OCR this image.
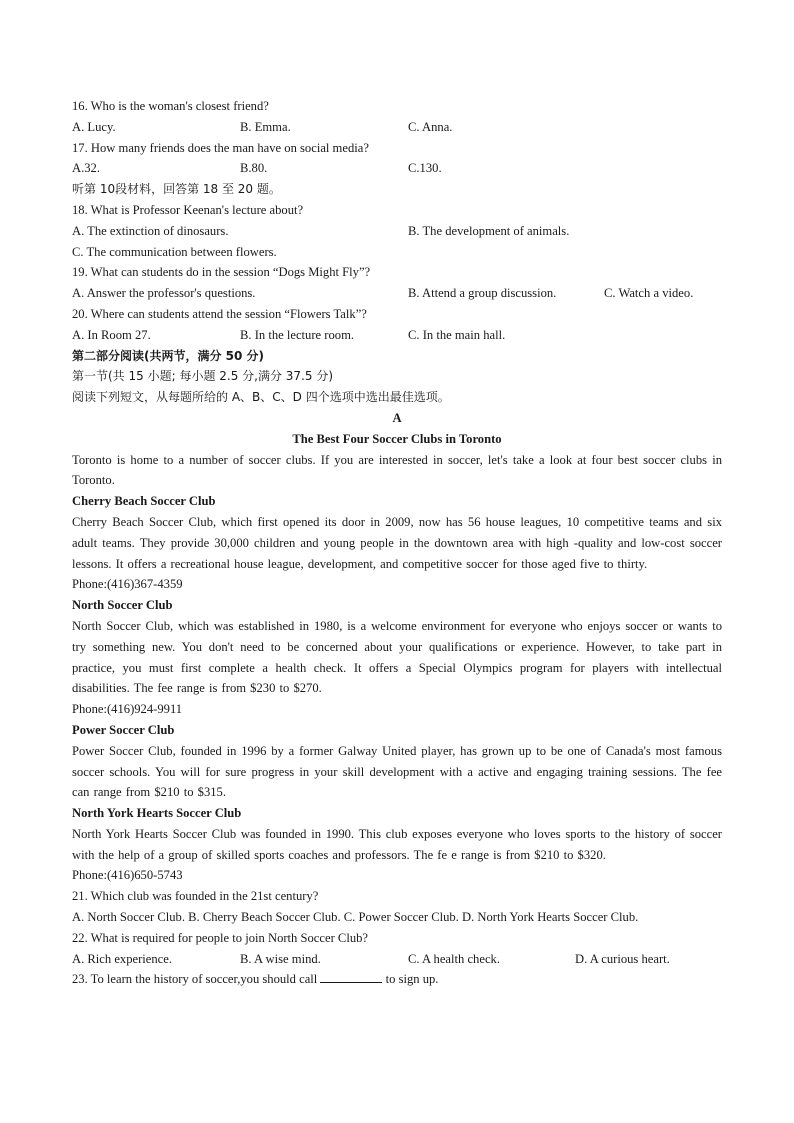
16. Who is the woman's closest friend?
A. Lucy.	B. Emma.	C. Anna.
17. How many friends does the man have on social media?
A.32.	B.80.	C.130.
听第 10段材料，回答第 18 至 20 题。
18. What is Professor Keenan's lecture about?
A. The extinction of dinosaurs.	B. The development of animals.
C. The communication between flowers.
19. What can students do in the session “Dogs Might Fly”?
A. Answer the professor's questions.	B. Attend a group discussion.	C. Watch a video.
20. Where can students attend the session “Flowers Talk”?
A. In Room 27.	B. In the lecture room.	C. In the main hall.
第二部分阅读(共两节，满分 50 分)
第一节(共 15 小题; 每小题 2.5 分,满分 37.5 分)
阅读下列短文，从每题所给的 A、B、C、D 四个选项中选出最佳选项。
A
The Best Four Soccer Clubs in Toronto
Toronto is home to a number of soccer clubs. If you are interested in soccer, let's take a look at four best soccer clubs in Toronto.
Cherry Beach Soccer Club
Cherry Beach Soccer Club, which first opened its door in 2009, now has 56 house leagues, 10 competitive teams and six adult teams. They provide 30,000 children and young people in the downtown area with high -quality and low-cost soccer lessons. It offers a recreational house league, development, and competitive soccer for those aged five to thirty.
Phone:(416)367-4359
North Soccer Club
North Soccer Club, which was established in 1980, is a welcome environment for everyone who enjoys soccer or wants to try something new. You don't need to be concerned about your qualifications or experience. However, to take part in practice, you must first complete a health check. It offers a Special Olympics program for players with intellectual disabilities. The fee range is from $230 to $270.
Phone:(416)924-9911
Power Soccer Club
Power Soccer Club, founded in 1996 by a former Galway United player, has grown up to be one of Canada's most famous soccer schools. You will for sure progress in your skill development with a active and engaging training sessions. The fee can range from $210 to $315.
North York Hearts Soccer Club
North York Hearts Soccer Club was founded in 1990. This club exposes everyone who loves sports to the history of soccer with the help of a group of skilled sports coaches and professors. The fe e range is from $210 to $320.
Phone:(416)650-5743
21. Which club was founded in the 21st century?
A. North Soccer Club. B. Cherry Beach Soccer Club. C. Power Soccer Club. D. North York Hearts Soccer Club.
22. What is required for people to join North Soccer Club?
A. Rich experience.	B. A wise mind.	C. A health check.	D. A curious heart.
23. To learn the history of soccer,you should call	to sign up.
